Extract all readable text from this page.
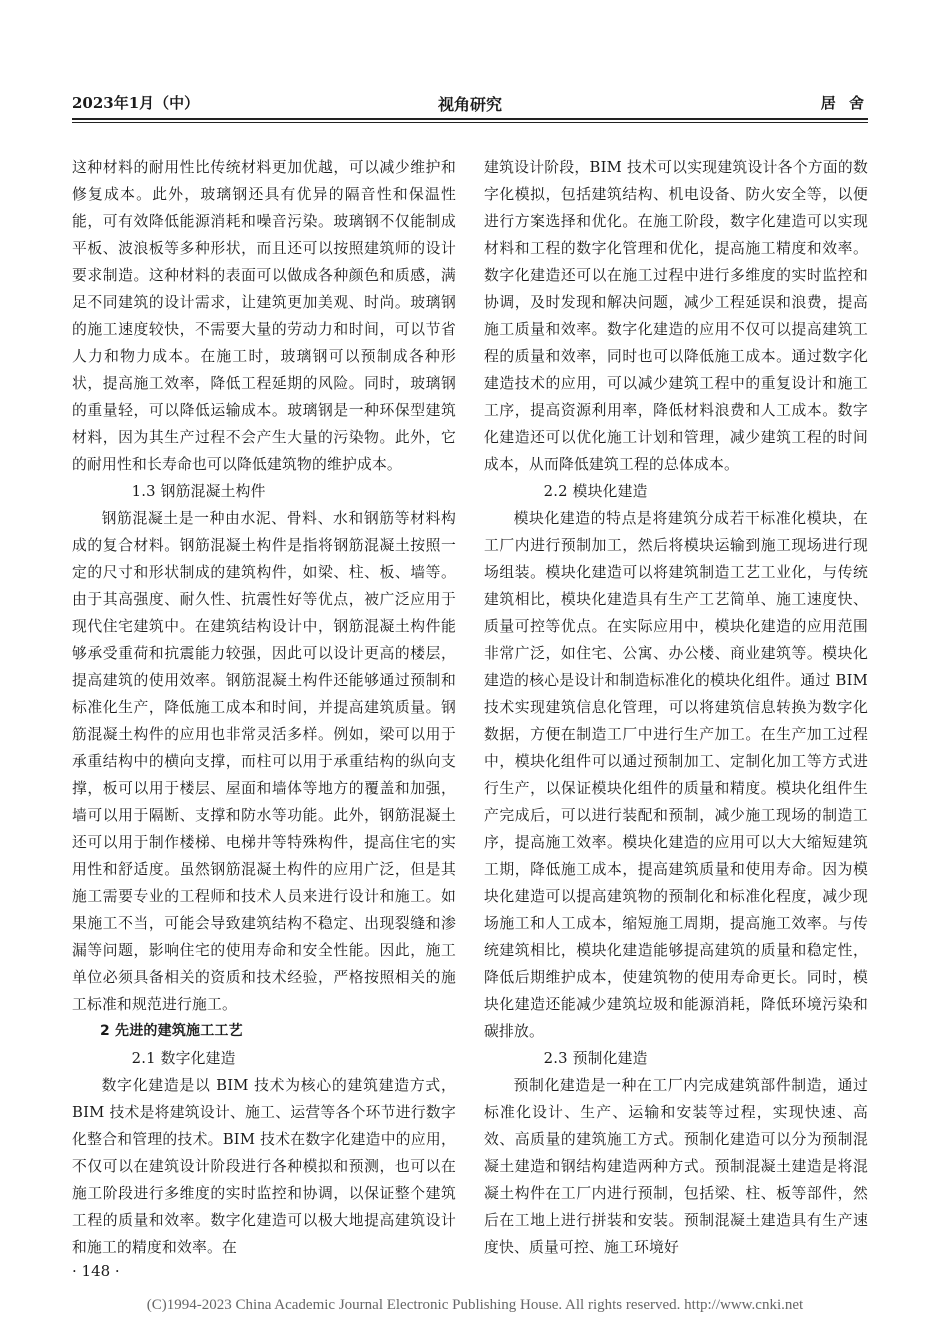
2023年1月（中）	视角研究	居 舍

这种材料的耐用性比传统材料更加优越，可以减少维护和修复成本。此外，玻璃钢还具有优异的隔音性和保温性能，可有效降低能源消耗和噪音污染。玻璃钢不仅能制成平板、波浪板等多种形状，而且还可以按照建筑师的设计要求制造。这种材料的表面可以做成各种颜色和质感，满足不同建筑的设计需求，让建筑更加美观、时尚。玻璃钢的施工速度较快，不需要大量的劳动力和时间，可以节省人力和物力成本。在施工时，玻璃钢可以预制成各种形状，提高施工效率，降低工程延期的风险。同时，玻璃钢的重量轻，可以降低运输成本。玻璃钢是一种环保型建筑材料，因为其生产过程不会产生大量的污染物。此外，它的耐用性和长寿命也可以降低建筑物的维护成本。

1.3 钢筋混凝土构件

钢筋混凝土是一种由水泥、骨料、水和钢筋等材料构成的复合材料。钢筋混凝土构件是指将钢筋混凝土按照一定的尺寸和形状制成的建筑构件，如梁、柱、板、墙等。由于其高强度、耐久性、抗震性好等优点，被广泛应用于现代住宅建筑中。在建筑结构设计中，钢筋混凝土构件能够承受重荷和抗震能力较强，因此可以设计更高的楼层，提高建筑的使用效率。钢筋混凝土构件还能够通过预制和标准化生产，降低施工成本和时间，并提高建筑质量。钢筋混凝土构件的应用也非常灵活多样。例如，梁可以用于承重结构中的横向支撑，而柱可以用于承重结构的纵向支撑，板可以用于楼层、屋面和墙体等地方的覆盖和加强，墙可以用于隔断、支撑和防水等功能。此外，钢筋混凝土还可以用于制作楼梯、电梯井等特殊构件，提高住宅的实用性和舒适度。虽然钢筋混凝土构件的应用广泛，但是其施工需要专业的工程师和技术人员来进行设计和施工。如果施工不当，可能会导致建筑结构不稳定、出现裂缝和渗漏等问题，影响住宅的使用寿命和安全性能。因此，施工单位必须具备相关的资质和技术经验，严格按照相关的施工标准和规范进行施工。

2 先进的建筑施工工艺

2.1 数字化建造

数字化建造是以 BIM 技术为核心的建筑建造方式，BIM 技术是将建筑设计、施工、运营等各个环节进行数字化整合和管理的技术。BIM 技术在数字化建造中的应用，不仅可以在建筑设计阶段进行各种模拟和预测，也可以在施工阶段进行多维度的实时监控和协调，以保证整个建筑工程的质量和效率。数字化建造可以极大地提高建筑设计和施工的精度和效率。在

建筑设计阶段，BIM 技术可以实现建筑设计各个方面的数字化模拟，包括建筑结构、机电设备、防火安全等，以便进行方案选择和优化。在施工阶段，数字化建造可以实现材料和工程的数字化管理和优化，提高施工精度和效率。数字化建造还可以在施工过程中进行多维度的实时监控和协调，及时发现和解决问题，减少工程延误和浪费，提高施工质量和效率。数字化建造的应用不仅可以提高建筑工程的质量和效率，同时也可以降低施工成本。通过数字化建造技术的应用，可以减少建筑工程中的重复设计和施工工序，提高资源利用率，降低材料浪费和人工成本。数字化建造还可以优化施工计划和管理，减少建筑工程的时间成本，从而降低建筑工程的总体成本。

2.2 模块化建造

模块化建造的特点是将建筑分成若干标准化模块，在工厂内进行预制加工，然后将模块运输到施工现场进行现场组装。模块化建造可以将建筑制造工艺工业化，与传统建筑相比，模块化建造具有生产工艺简单、施工速度快、质量可控等优点。在实际应用中，模块化建造的应用范围非常广泛，如住宅、公寓、办公楼、商业建筑等。模块化建造的核心是设计和制造标准化的模块化组件。通过 BIM 技术实现建筑信息化管理，可以将建筑信息转换为数字化数据，方便在制造工厂中进行生产加工。在生产加工过程中，模块化组件可以通过预制加工、定制化加工等方式进行生产，以保证模块化组件的质量和精度。模块化组件生产完成后，可以进行装配和预制，减少施工现场的制造工序，提高施工效率。模块化建造的应用可以大大缩短建筑工期，降低施工成本，提高建筑质量和使用寿命。因为模块化建造可以提高建筑物的预制化和标准化程度，减少现场施工和人工成本，缩短施工周期，提高施工效率。与传统建筑相比，模块化建造能够提高建筑的质量和稳定性，降低后期维护成本，使建筑物的使用寿命更长。同时，模块化建造还能减少建筑垃圾和能源消耗，降低环境污染和碳排放。

2.3 预制化建造

预制化建造是一种在工厂内完成建筑部件制造，通过标准化设计、生产、运输和安装等过程，实现快速、高效、高质量的建筑施工方式。预制化建造可以分为预制混凝土建造和钢结构建造两种方式。预制混凝土建造是将混凝土构件在工厂内进行预制，包括梁、柱、板等部件，然后在工地上进行拼装和安装。预制混凝土建造具有生产速度快、质量可控、施工环境好

· 148 ·
(C)1994-2023 China Academic Journal Electronic Publishing House. All rights reserved. http://www.cnki.net
